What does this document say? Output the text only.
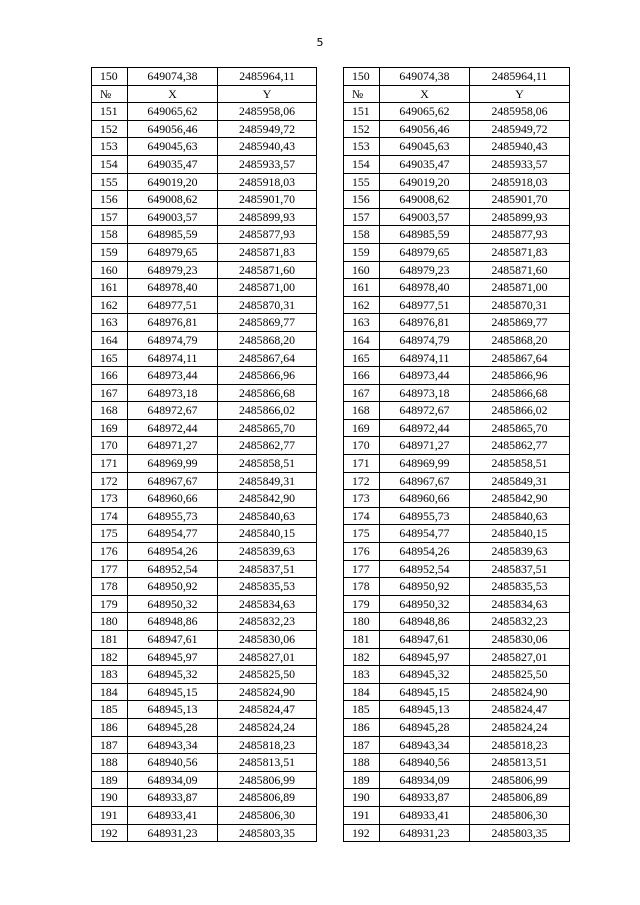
5
150	649074,38	2485964,11		150	649074,38	2485964,11
№	X	Y		№	X	Y
151	649065,62	2485958,06		151	649065,62	2485958,06
152	649056,46	2485949,72		152	649056,46	2485949,72
153	649045,63	2485940,43		153	649045,63	2485940,43
154	649035,47	2485933,57		154	649035,47	2485933,57
155	649019,20	2485918,03		155	649019,20	2485918,03
156	649008,62	2485901,70		156	649008,62	2485901,70
157	649003,57	2485899,93		157	649003,57	2485899,93
158	648985,59	2485877,93		158	648985,59	2485877,93
159	648979,65	2485871,83		159	648979,65	2485871,83
160	648979,23	2485871,60		160	648979,23	2485871,60
161	648978,40	2485871,00		161	648978,40	2485871,00
162	648977,51	2485870,31		162	648977,51	2485870,31
163	648976,81	2485869,77		163	648976,81	2485869,77
164	648974,79	2485868,20		164	648974,79	2485868,20
165	648974,11	2485867,64		165	648974,11	2485867,64
166	648973,44	2485866,96		166	648973,44	2485866,96
167	648973,18	2485866,68		167	648973,18	2485866,68
168	648972,67	2485866,02		168	648972,67	2485866,02
169	648972,44	2485865,70		169	648972,44	2485865,70
170	648971,27	2485862,77		170	648971,27	2485862,77
171	648969,99	2485858,51		171	648969,99	2485858,51
172	648967,67	2485849,31		172	648967,67	2485849,31
173	648960,66	2485842,90		173	648960,66	2485842,90
174	648955,73	2485840,63		174	648955,73	2485840,63
175	648954,77	2485840,15		175	648954,77	2485840,15
176	648954,26	2485839,63		176	648954,26	2485839,63
177	648952,54	2485837,51		177	648952,54	2485837,51
178	648950,92	2485835,53		178	648950,92	2485835,53
179	648950,32	2485834,63		179	648950,32	2485834,63
180	648948,86	2485832,23		180	648948,86	2485832,23
181	648947,61	2485830,06		181	648947,61	2485830,06
182	648945,97	2485827,01		182	648945,97	2485827,01
183	648945,32	2485825,50		183	648945,32	2485825,50
184	648945,15	2485824,90		184	648945,15	2485824,90
185	648945,13	2485824,47		185	648945,13	2485824,47
186	648945,28	2485824,24		186	648945,28	2485824,24
187	648943,34	2485818,23		187	648943,34	2485818,23
188	648940,56	2485813,51		188	648940,56	2485813,51
189	648934,09	2485806,99		189	648934,09	2485806,99
190	648933,87	2485806,89		190	648933,87	2485806,89
191	648933,41	2485806,30		191	648933,41	2485806,30
192	648931,23	2485803,35		192	648931,23	2485803,35
